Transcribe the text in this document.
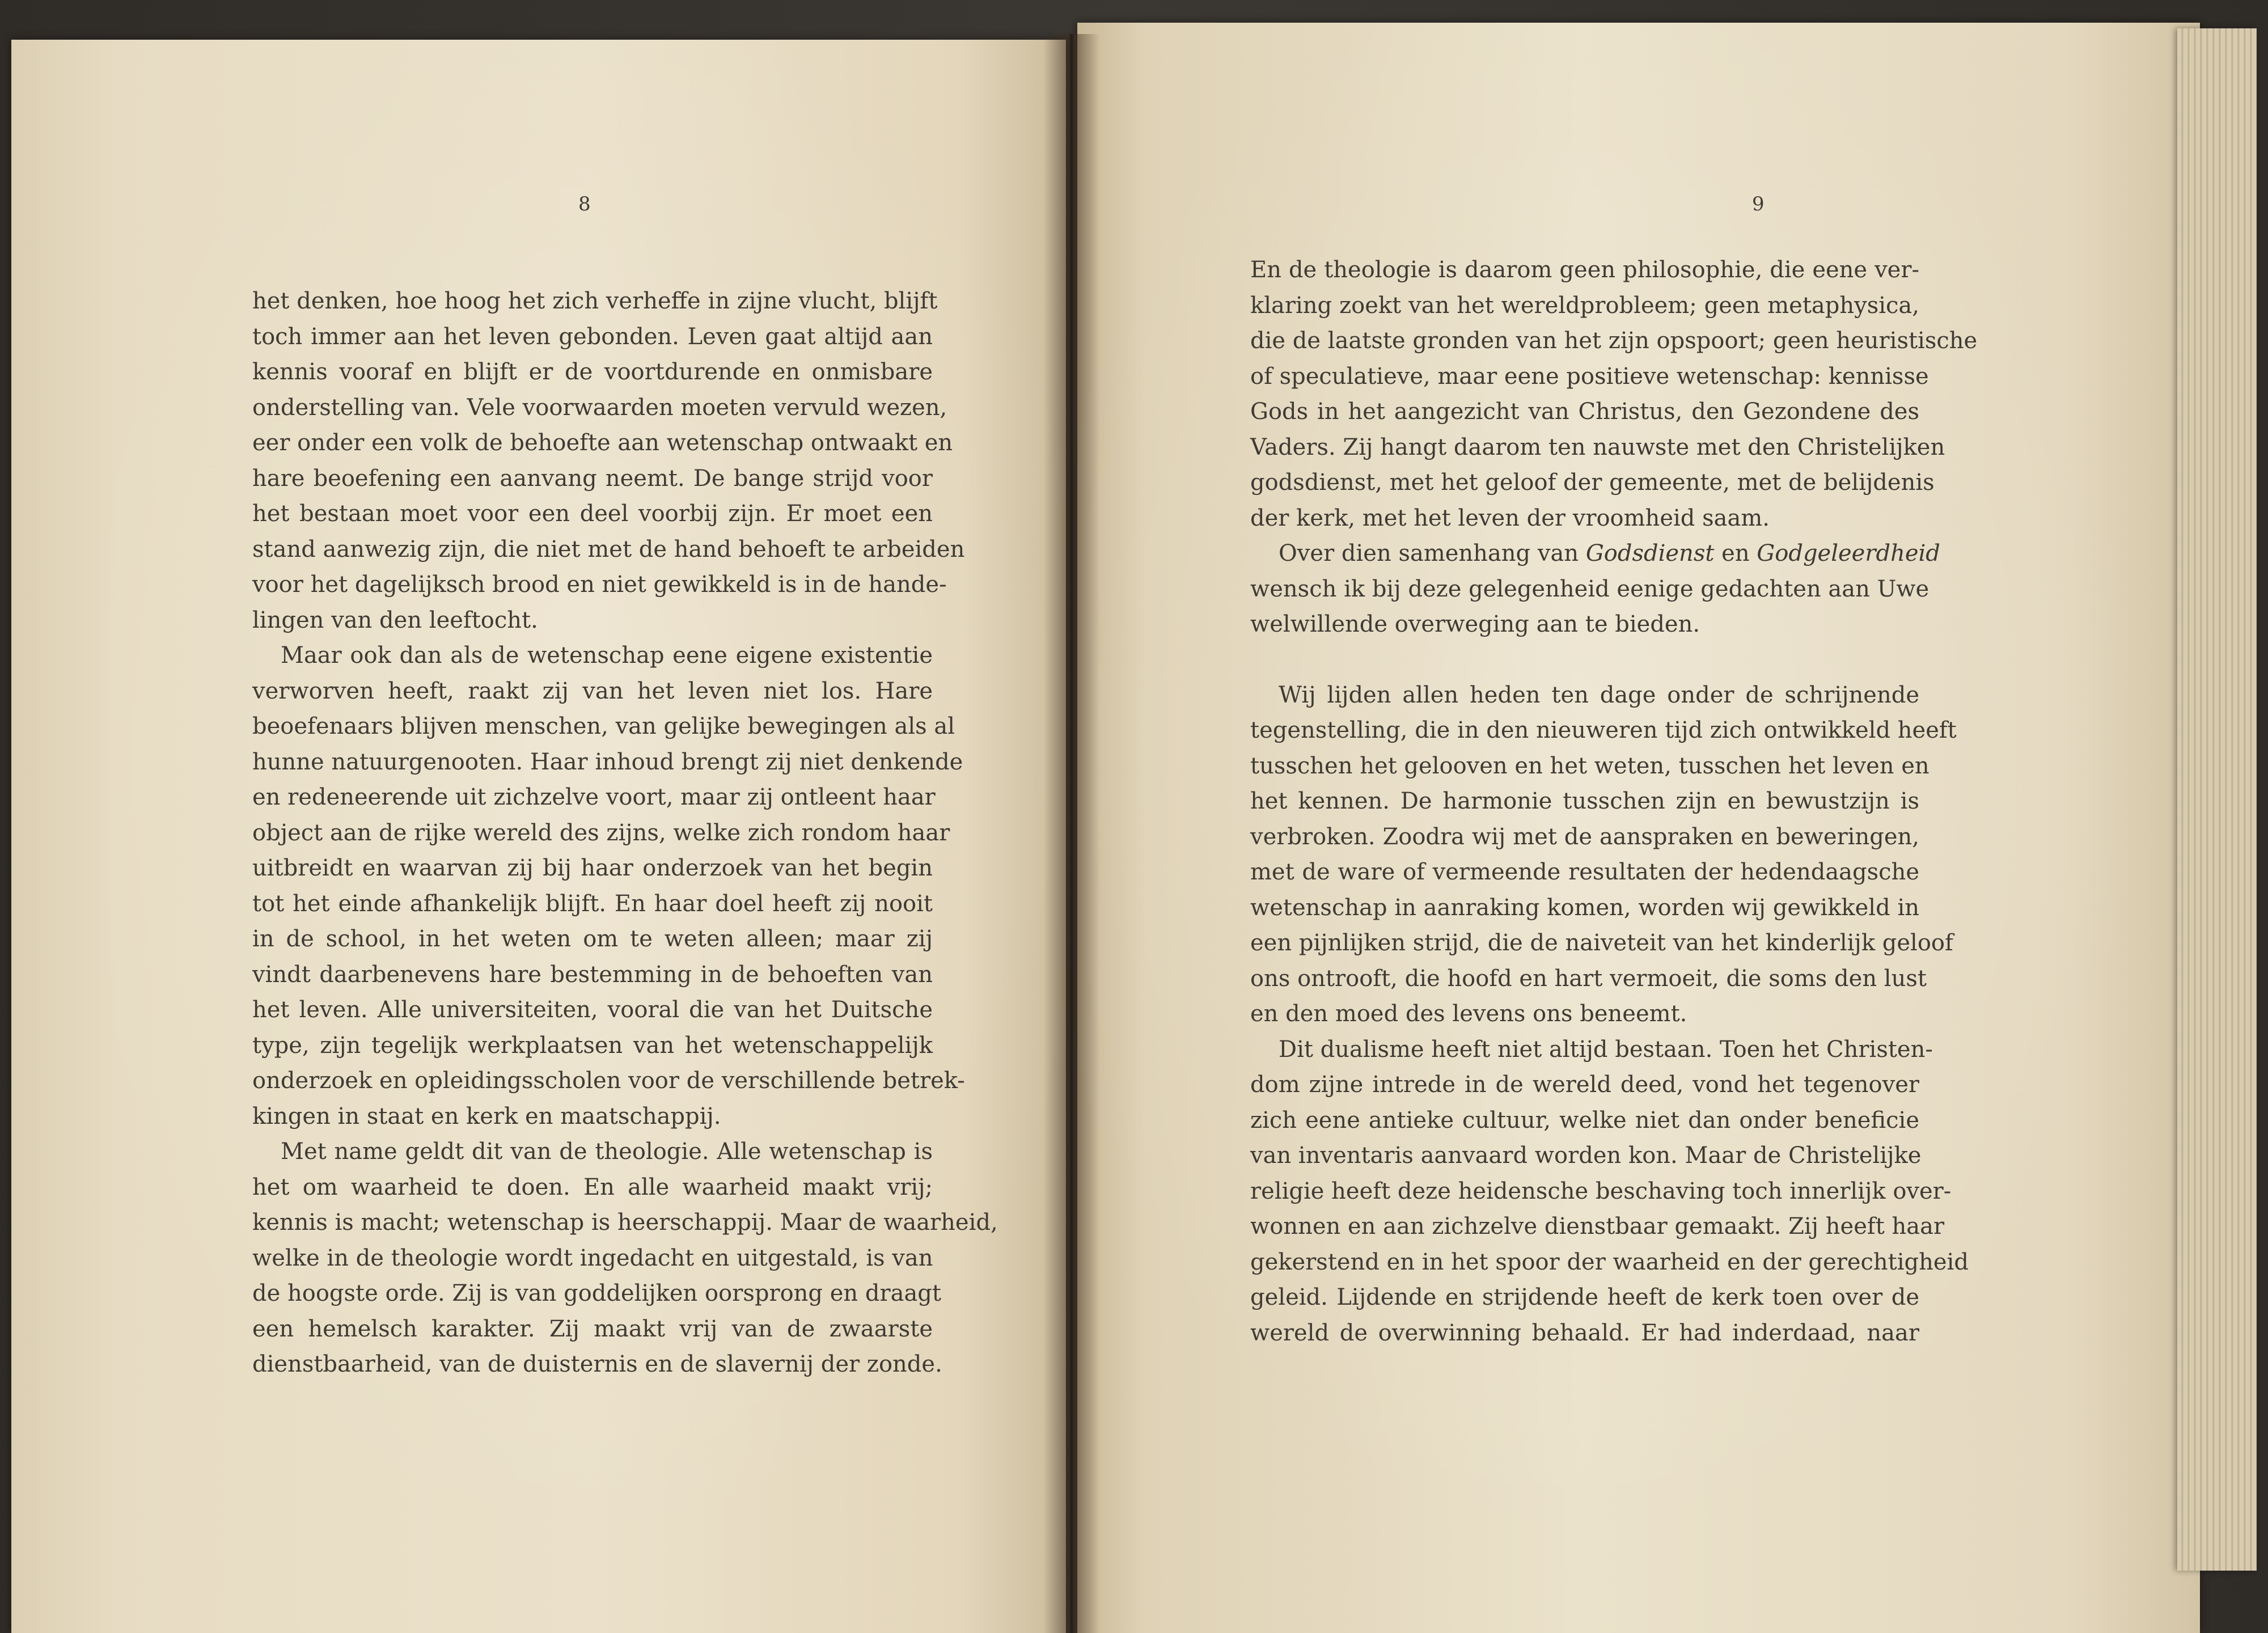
8
het denken, hoe hoog het zich verheffe in zijne vlucht, blijft
toch immer aan het leven gebonden. Leven gaat altijd aan
kennis vooraf en blijft er de voortdurende en onmisbare
onderstelling van. Vele voorwaarden moeten vervuld wezen,
eer onder een volk de behoefte aan wetenschap ontwaakt en
hare beoefening een aanvang neemt. De bange strijd voor
het bestaan moet voor een deel voorbij zijn. Er moet een
stand aanwezig zijn, die niet met de hand behoeft te arbeiden
voor het dagelijksch brood en niet gewikkeld is in de hande-
lingen van den leeftocht.
Maar ook dan als de wetenschap eene eigene existentie
verworven heeft, raakt zij van het leven niet los. Hare
beoefenaars blijven menschen, van gelijke bewegingen als al
hunne natuurgenooten. Haar inhoud brengt zij niet denkende
en redeneerende uit zichzelve voort, maar zij ontleent haar
object aan de rijke wereld des zijns, welke zich rondom haar
uitbreidt en waarvan zij bij haar onderzoek van het begin
tot het einde afhankelijk blijft. En haar doel heeft zij nooit
in de school, in het weten om te weten alleen; maar zij
vindt daarbenevens hare bestemming in de behoeften van
het leven. Alle universiteiten, vooral die van het Duitsche
type, zijn tegelijk werkplaatsen van het wetenschappelijk
onderzoek en opleidingsscholen voor de verschillende betrek-
kingen in staat en kerk en maatschappij.
Met name geldt dit van de theologie. Alle wetenschap is
het om waarheid te doen. En alle waarheid maakt vrij;
kennis is macht; wetenschap is heerschappij. Maar de waarheid,
welke in de theologie wordt ingedacht en uitgestald, is van
de hoogste orde. Zij is van goddelijken oorsprong en draagt
een hemelsch karakter. Zij maakt vrij van de zwaarste
dienstbaarheid, van de duisternis en de slavernij der zonde.
9
En de theologie is daarom geen philosophie, die eene ver-
klaring zoekt van het wereldprobleem; geen metaphysica,
die de laatste gronden van het zijn opspoort; geen heuristische
of speculatieve, maar eene positieve wetenschap: kennisse
Gods in het aangezicht van Christus, den Gezondene des
Vaders. Zij hangt daarom ten nauwste met den Christelijken
godsdienst, met het geloof der gemeente, met de belijdenis
der kerk, met het leven der vroomheid saam.
Over dien samenhang van Godsdienst en Godgeleerdheid
wensch ik bij deze gelegenheid eenige gedachten aan Uwe
welwillende overweging aan te bieden.
Wij lijden allen heden ten dage onder de schrijnende
tegenstelling, die in den nieuweren tijd zich ontwikkeld heeft
tusschen het gelooven en het weten, tusschen het leven en
het kennen. De harmonie tusschen zijn en bewustzijn is
verbroken. Zoodra wij met de aanspraken en beweringen,
met de ware of vermeende resultaten der hedendaagsche
wetenschap in aanraking komen, worden wij gewikkeld in
een pijnlijken strijd, die de naiveteit van het kinderlijk geloof
ons ontrooft, die hoofd en hart vermoeit, die soms den lust
en den moed des levens ons beneemt.
Dit dualisme heeft niet altijd bestaan. Toen het Christen-
dom zijne intrede in de wereld deed, vond het tegenover
zich eene antieke cultuur, welke niet dan onder beneficie
van inventaris aanvaard worden kon. Maar de Christelijke
religie heeft deze heidensche beschaving toch innerlijk over-
wonnen en aan zichzelve dienstbaar gemaakt. Zij heeft haar
gekerstend en in het spoor der waarheid en der gerechtigheid
geleid. Lijdende en strijdende heeft de kerk toen over de
wereld de overwinning behaald. Er had inderdaad, naar
